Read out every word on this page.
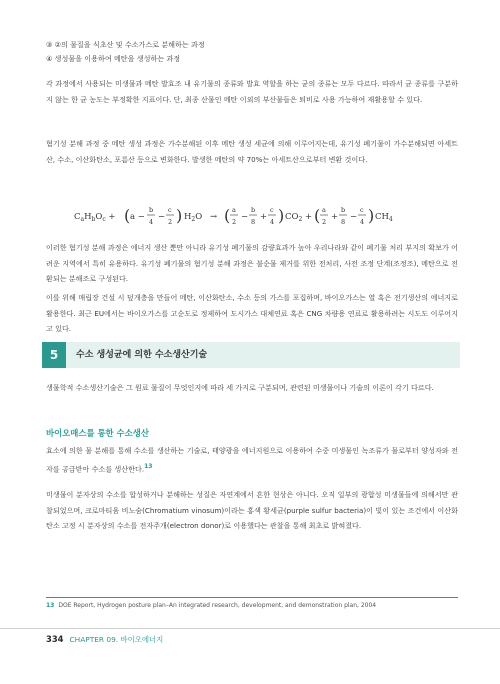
③ ②의 물질을 식초산 및 수소가스로 분해하는 과정

④ 생성물을 이용하여 메탄을 생성하는 과정

각 과정에서 사용되는 미생물과 메탄 발효조 내 유기물의 종류와 발효 역할을 하는 균의 종류는 모두 다르다. 따라서 균 종류를 구분하지 않는 한 균 농도는 부정확한 지표이다. 단, 최종 산물인 메탄 이외의 부산물들은 퇴비로 사용 가능하여 재활용할 수 있다.

혐기성 분해 과정 중 메탄 생성 과정은 가수분해된 이후 메탄 생성 세균에 의해 이루어지는데, 유기성 폐기물이 가수분해되면 아세트산, 수소, 이산화탄소, 포름산 등으로 변화한다. 발생한 메탄의 약 70%는 아세트산으로부터 변환 것이다.

$C_aH_bO_c$ + ( a −
b
4 −
c
2 ) $H_2O$ → ( a
2 −
b
8 +
c
4 ) $CO_2$ + ( a
2 +
b
8 −
c
4 ) $CH_4$

이러한 혐기성 분해 과정은 에너지 생산 뿐만 아니라 유기성 폐기물의 감량효과가 높아 우리나라와 같이 폐기물 처리 부지의 확보가 어려운 지역에서 특히 유용하다. 유기성 폐기물의 혐기성 분해 과정은 불순물 제거를 위한 전처리, 사전 조정 단계(조정조), 메탄으로 전환되는 분해조로 구성된다.

이를 위해 매립장 건설 시 덮개층을 만들어 메탄, 이산화탄소, 수소 등의 가스를 포집하며, 바이오가스는 열 혹은 전기생산의 에너지로 활용한다. 최근 EU에서는 바이오가스를 고순도로 정제하여 도시가스 대체연료 혹은 CNG 차량용 연료로 활용하려는 시도도 이루어지고 있다.

5	수소 생성균에 의한 수소생산기술

생물학적 수소생산기술은 그 원료 물질이 무엇인지에 따라 세 가지로 구분되며, 관련된 미생물이나 기술의 이론이 각기 다르다.

바이오매스를 통한 수소생산

효소에 의한 물 분해를 통해 수소를 생산하는 기술로, 태양광을 에너지원으로 이용하여 수중 미생물인 녹조류가 물로부터 양성자와 전자를 공급받아 수소를 생산한다.$^{13}$

미생물이 분자상의 수소를 합성하거나 분해하는 성질은 자연계에서 흔한 현상은 아니다. 오직 일부의 광합성 미생물들에 의해서만 관찰되었으며, 크로마티움 비노숨(Chromatium vinosum)이라는 홍색 황세균(purple sulfur bacteria)이 빛이 있는 조건에서 이산화탄소 고정 시 분자상의 수소를 전자주개(electron donor)로 이용했다는 관찰을 통해 최초로 밝혀졌다.

13 DOE Report, Hydrogen posture plan–An integrated research, development, and demonstration plan, 2004
334 CHAPTER 09. 바이오에너지
